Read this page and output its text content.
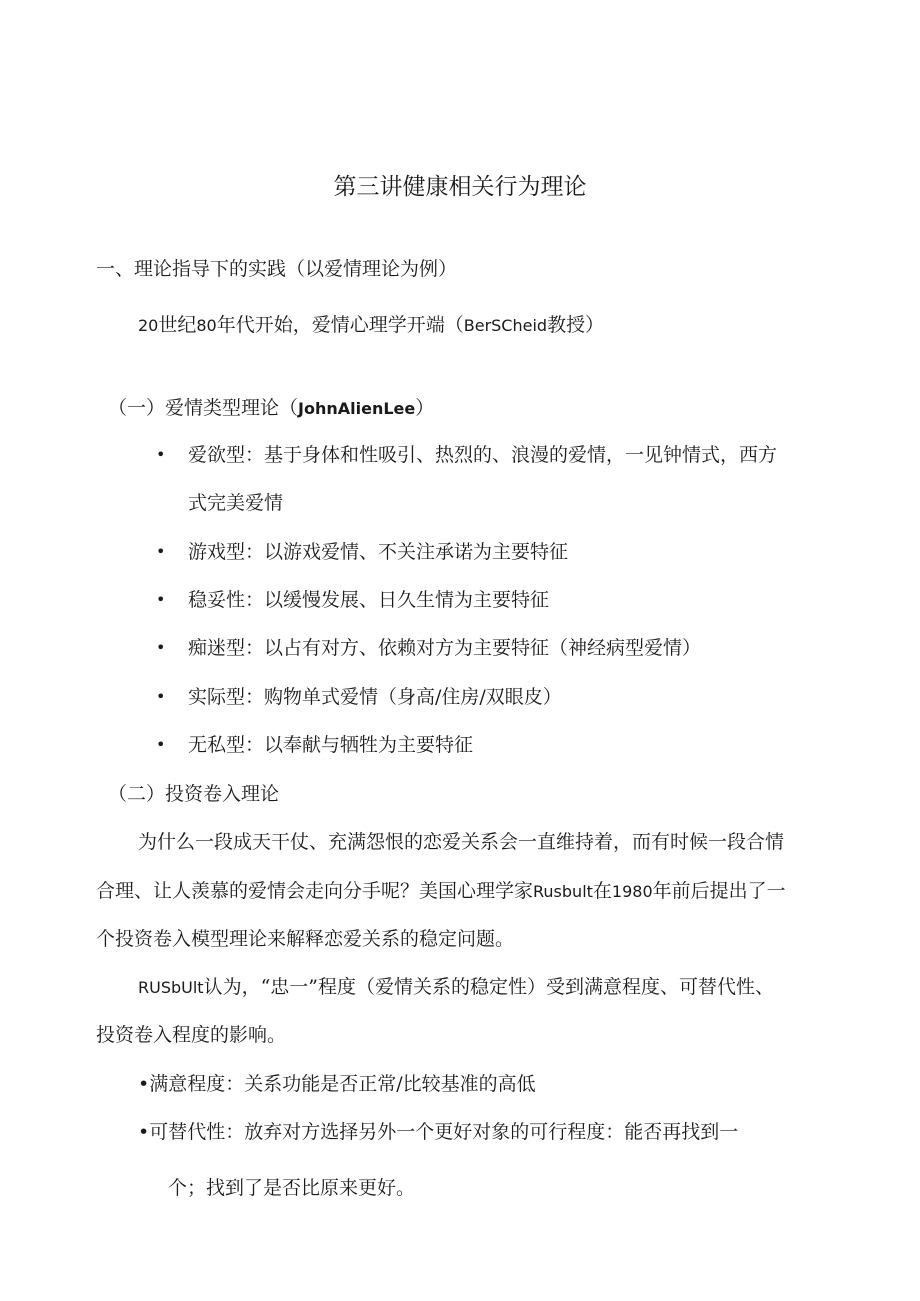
第三讲健康相关行为理论
一、理论指导下的实践（以爱情理论为例）
20世纪80年代开始，爱情心理学开端（BerSCheid教授）
（一）爱情类型理论（JohnAlienLee）
• 爱欲型：基于身体和性吸引、热烈的、浪漫的爱情，一见钟情式，西方
式完美爱情
• 游戏型：以游戏爱情、不关注承诺为主要特征
• 稳妥性：以缓慢发展、日久生情为主要特征
• 痴迷型：以占有对方、依赖对方为主要特征（神经病型爱情）
• 实际型：购物单式爱情（身高/住房/双眼皮）
• 无私型：以奉献与牺牲为主要特征
（二）投资卷入理论
为什么一段成天干仗、充满怨恨的恋爱关系会一直维持着，而有时候一段合情
合理、让人羡慕的爱情会走向分手呢？美国心理学家Rusbult在1980年前后提出了一
个投资卷入模型理论来解释恋爱关系的稳定问题。
RUSbUlt认为，“忠一”程度（爱情关系的稳定性）受到满意程度、可替代性、
投资卷入程度的影响。
•满意程度：关系功能是否正常/比较基准的高低
•可替代性：放弃对方选择另外一个更好对象的可行程度：能否再找到一
个；找到了是否比原来更好。
